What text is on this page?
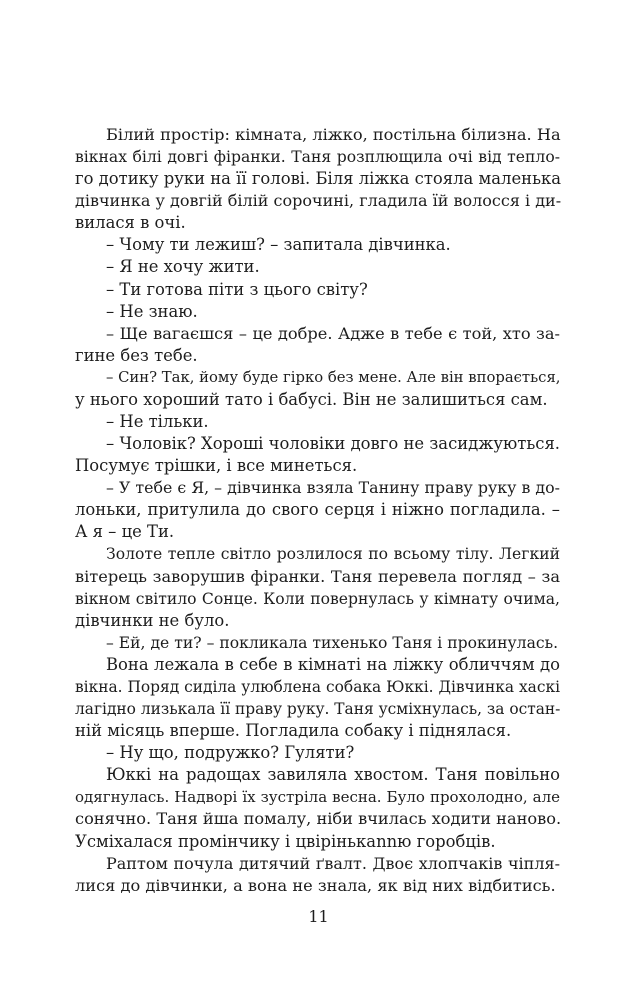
Білий простір: кімната, ліжко, постільна білизна. На
вікнах білі довгі фіранки. Таня розплющила очі від тепло-
го дотику руки на її голові. Біля ліжка стояла маленька
дівчинка у довгій білій сорочині, гладила їй волосся і ди-
вилася в очі.
– Чому ти лежиш? – запитала дівчинка.
– Я не хочу жити.
– Ти готова піти з цього світу?
– Не знаю.
– Ще вагаєшся – це добре. Адже в тебе є той, хто за-
гине без тебе.
– Син? Так, йому буде гірко без мене. Але він впорається,
у нього хороший тато і бабусі. Він не залишиться сам.
– Не тільки.
– Чоловік? Хороші чоловіки довго не засиджуються.
Посумує трішки, і все минеться.
– У тебе є Я, – дівчинка взяла Танину праву руку в до-
лоньки, притулила до свого серця і ніжно погладила. –
А я – це Ти.
Золоте тепле світло розлилося по всьому тілу. Легкий
вітерець заворушив фіранки. Таня перевела погляд – за
вікном світило Сонце. Коли повернулась у кімнату очима,
дівчинки не було.
– Ей, де ти? – покликала тихенько Таня і прокинулась.
Вона лежала в себе в кімнаті на ліжку обличчям до
вікна. Поряд сиділа улюблена собака Юккі. Дівчинка хаскі
лагідно лизькала її праву руку. Таня усміхнулась, за остан-
ній місяць вперше. Погладила собаку і піднялася.
– Ну що, подружко? Гуляти?
Юккі на радощах завиляла хвостом. Таня повільно
одягнулась. Надворі їх зустріла весна. Було прохолодно, але
сонячно. Таня йша помалу, ніби вчилась ходити наново.
Усміхалася промінчику і цвірінькannю горобців.
Раптом почула дитячий ґвалт. Двоє хлопчаків чіпля-
лися до дівчинки, а вона не знала, як від них відбитись.
11
